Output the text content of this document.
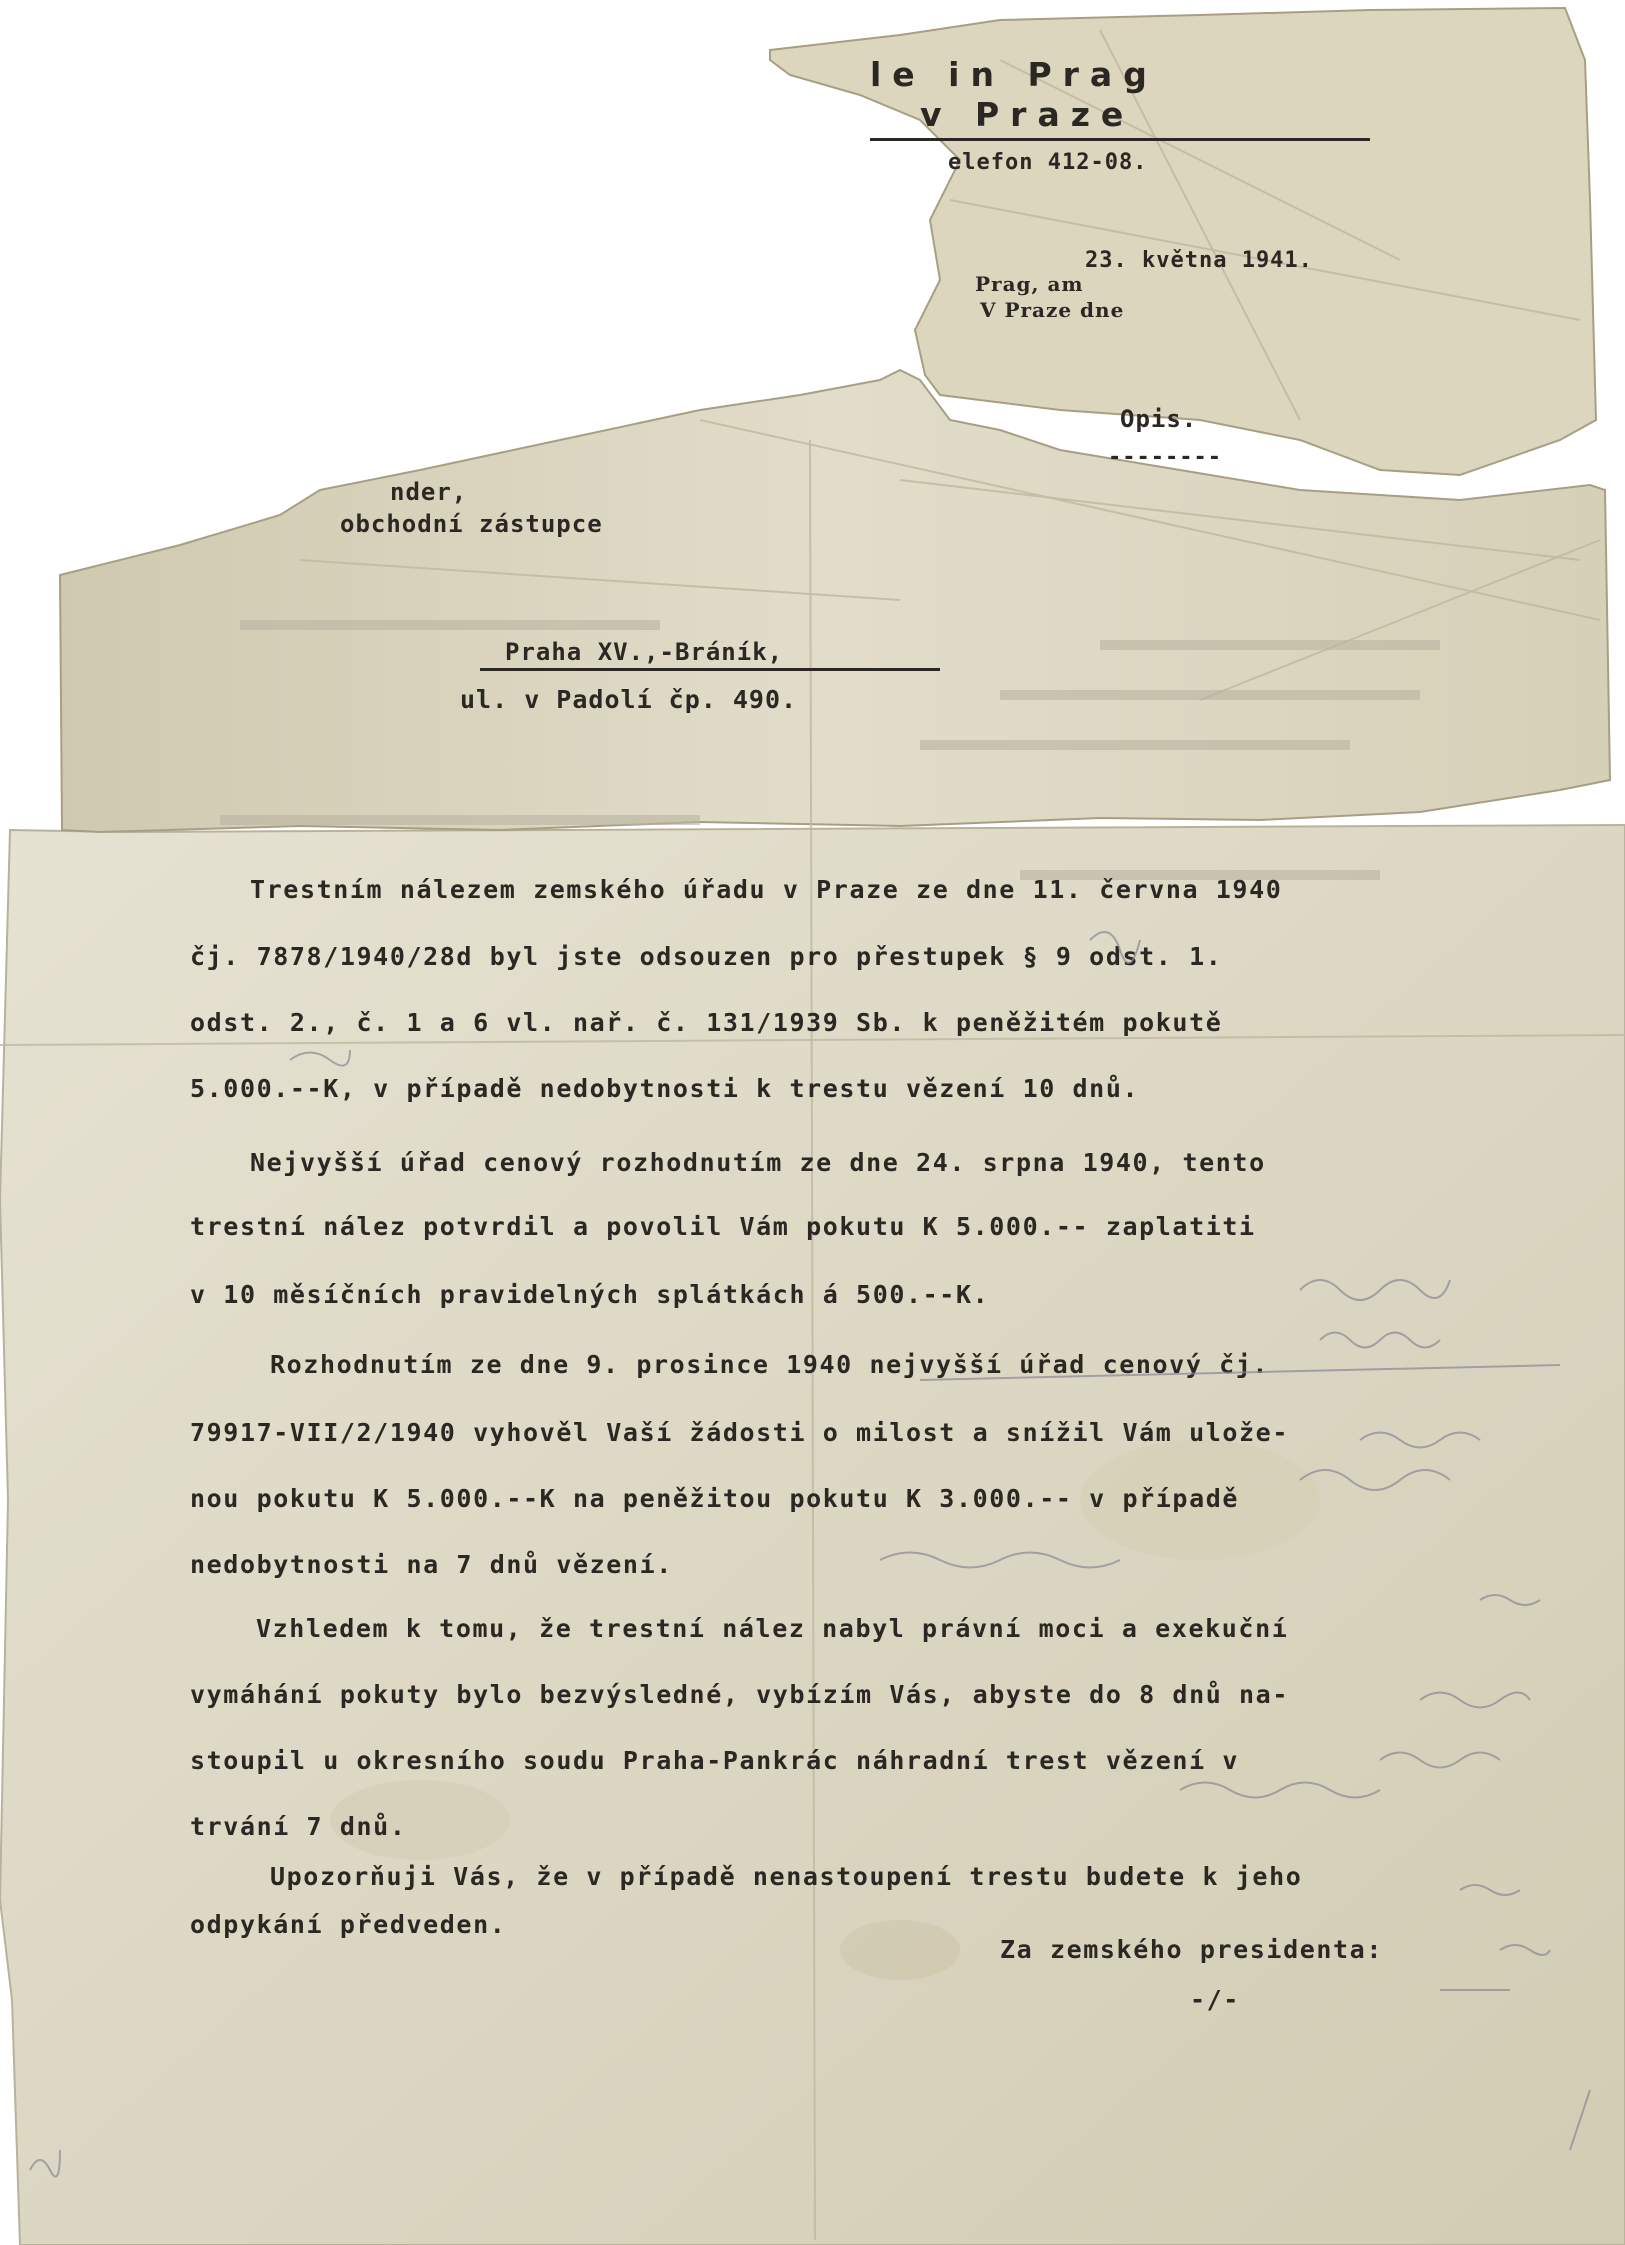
le in Prag
v Praze
elefon 412-08.
Prag, am
V Praze dne
23. května 1941.
Opis.
--------
nder,
obchodní zástupce
Praha XV.,-Bráník,
ul. v Padolí čp. 490.
Trestním nálezem zemského úřadu v Praze ze dne 11. června 1940
čj. 7878/1940/28d byl jste odsouzen pro přestupek § 9 odst. 1.
odst. 2., č. 1 a 6 vl. nař. č. 131/1939 Sb. k peněžitém pokutě
5.000.--K, v případě nedobytnosti k trestu vězení 10 dnů.
Nejvyšší úřad cenový rozhodnutím ze dne 24. srpna 1940, tento
trestní nález potvrdil a povolil Vám pokutu K 5.000.-- zaplatiti
v 10 měsíčních pravidelných splátkách á 500.--K.
Rozhodnutím ze dne 9. prosince 1940 nejvyšší úřad cenový čj.
79917-VII/2/1940 vyhověl Vaší žádosti o milost a snížil Vám ulože-
nou pokutu K 5.000.--K na peněžitou pokutu K 3.000.-- v případě
nedobytnosti na 7 dnů vězení.
Vzhledem k tomu, že trestní nález nabyl právní moci a exekuční
vymáhání pokuty bylo bezvýsledné, vybízím Vás, abyste do 8 dnů na-
stoupil u okresního soudu Praha-Pankrác náhradní trest vězení v
trvání 7 dnů.
Upozorňuji Vás, že v případě nenastoupení trestu budete k jeho
odpykání předveden.
Za zemského presidenta:
-/-
